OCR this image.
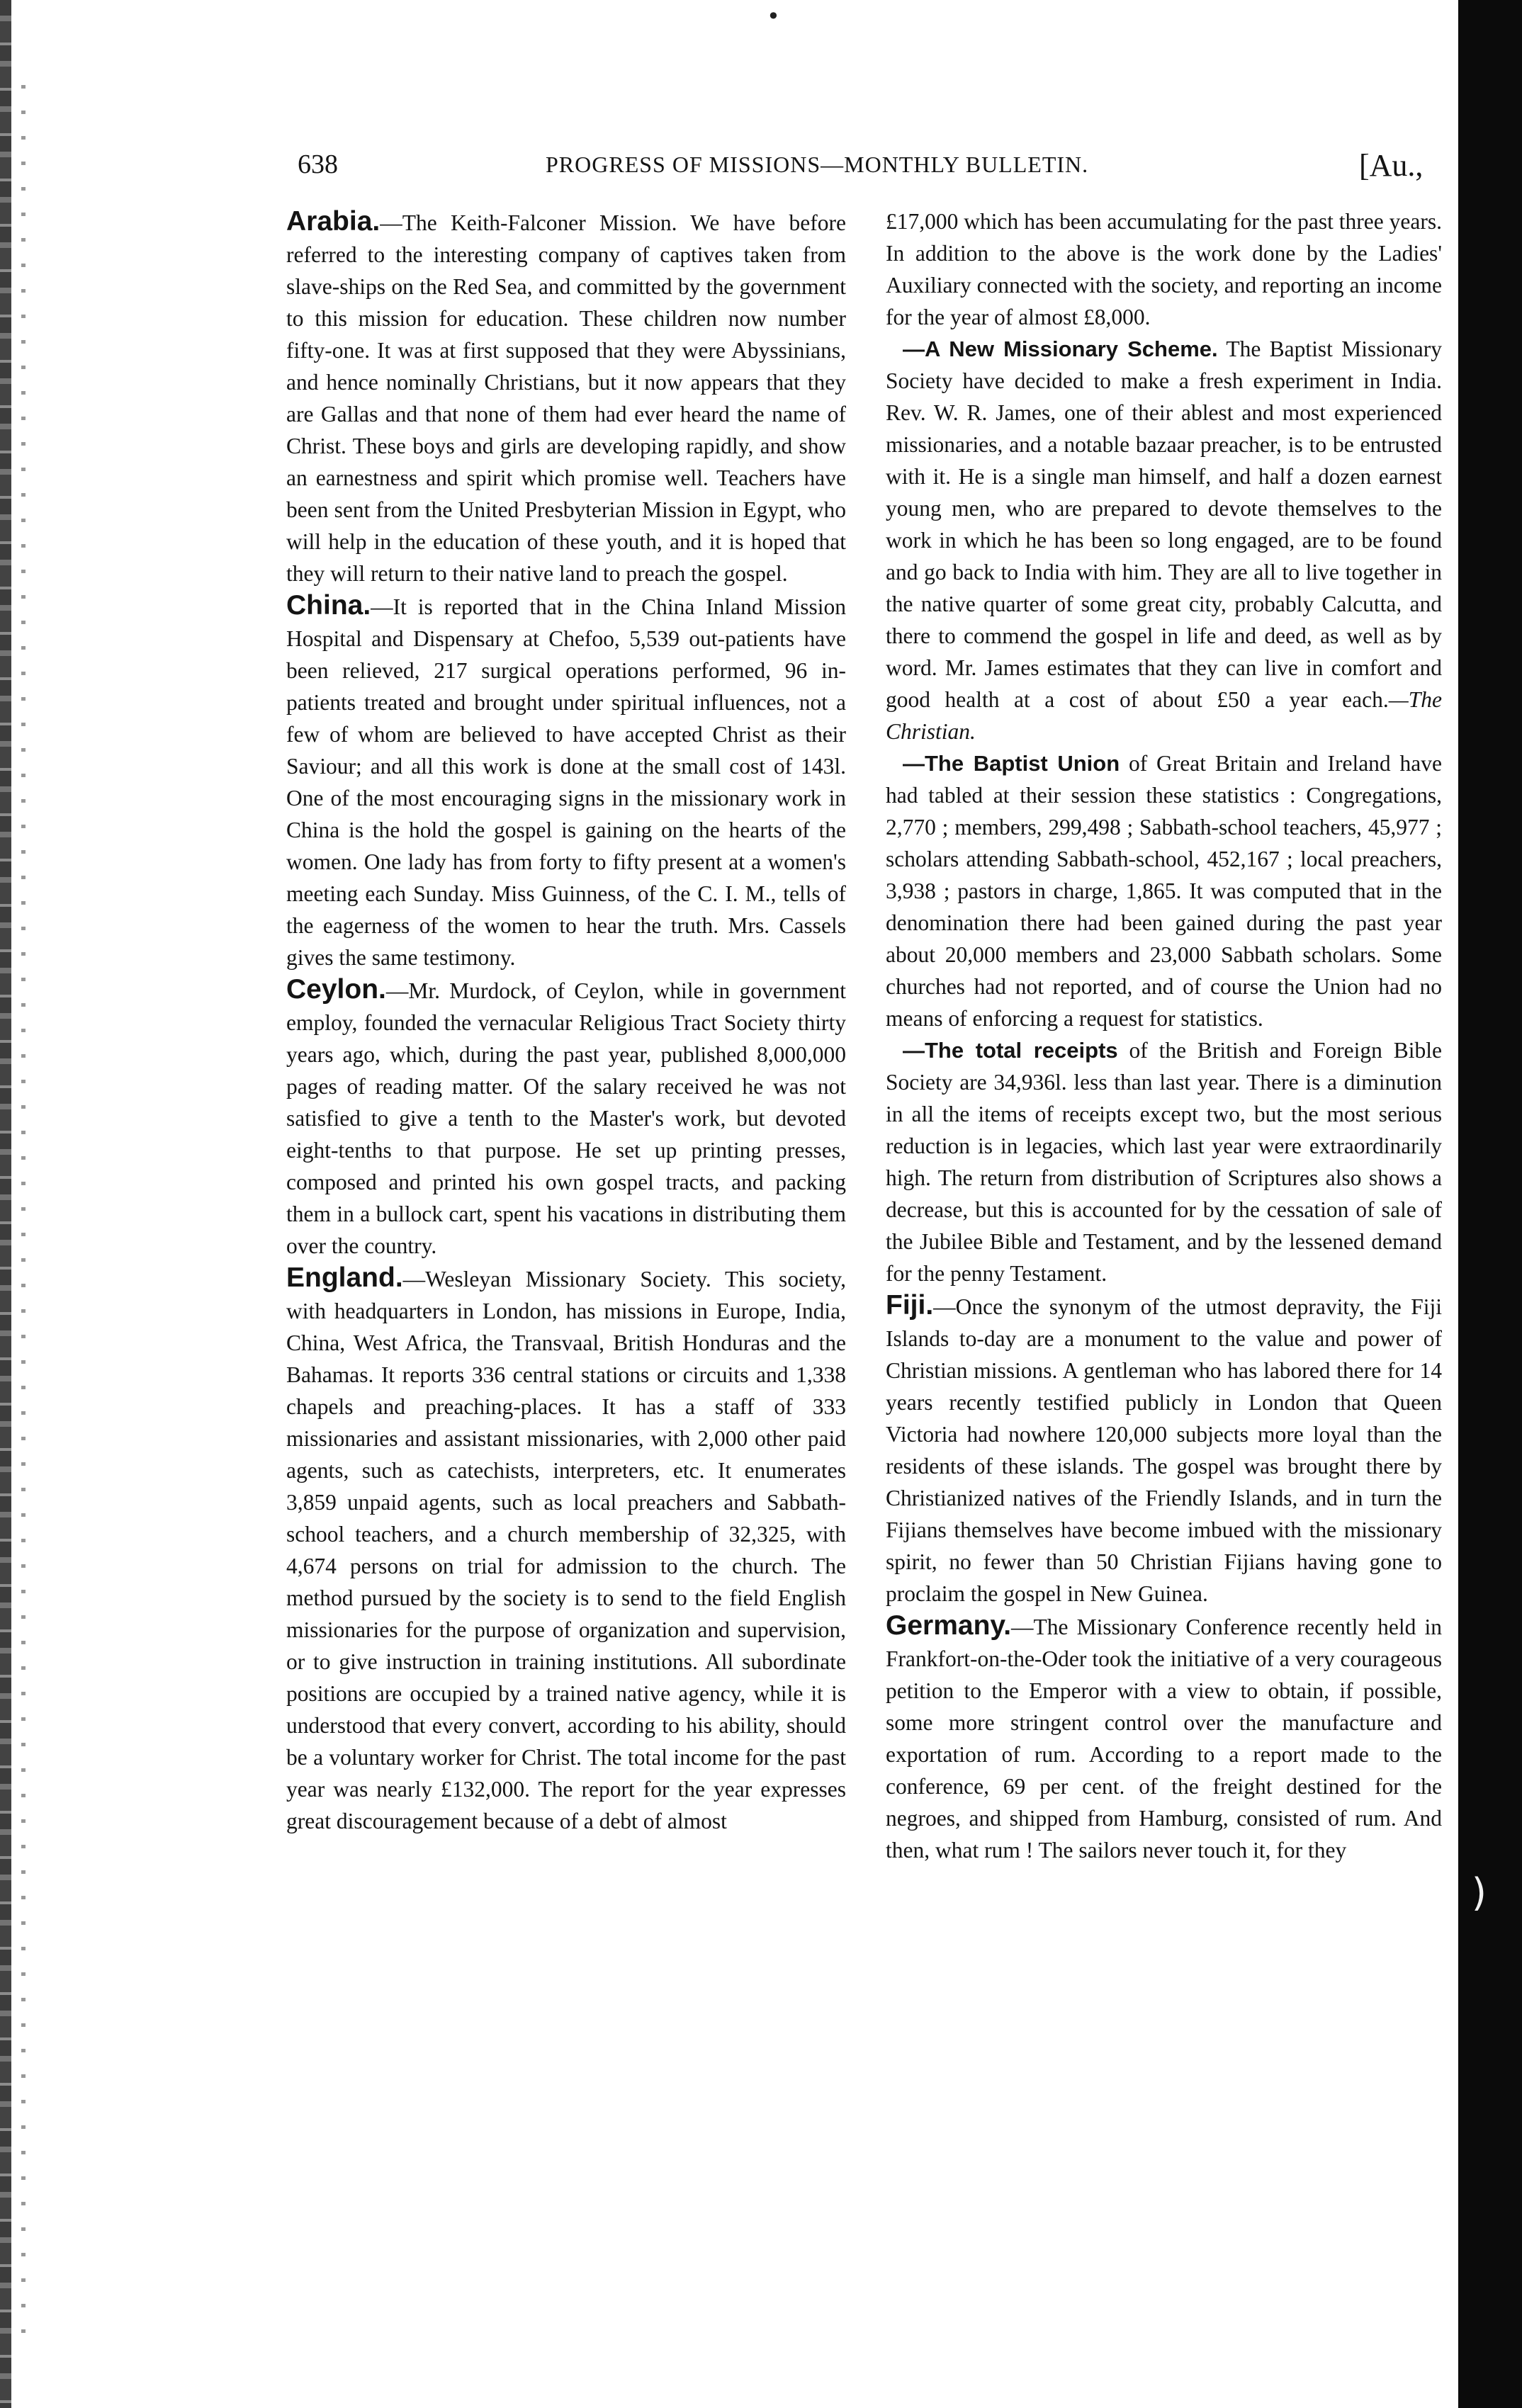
)
•
638	PROGRESS OF MISSIONS—MONTHLY BULLETIN.	[Au.,

Arabia.—The Keith-Falconer Mission. We have before referred to the interesting company of captives taken from slave-ships on the Red Sea, and committed by the government to this mission for education. These children now number fifty-one. It was at first supposed that they were Abyssinians, and hence nominally Christians, but it now appears that they are Gallas and that none of them had ever heard the name of Christ. These boys and girls are developing rapidly, and show an earnestness and spirit which promise well. Teachers have been sent from the United Presbyterian Mission in Egypt, who will help in the education of these youth, and it is hoped that they will return to their native land to preach the gospel.

China.—It is reported that in the China Inland Mission Hospital and Dispensary at Chefoo, 5,539 out-patients have been relieved, 217 surgical operations performed, 96 in-patients treated and brought under spiritual influences, not a few of whom are believed to have accepted Christ as their Saviour; and all this work is done at the small cost of 143l. One of the most encouraging signs in the missionary work in China is the hold the gospel is gaining on the hearts of the women. One lady has from forty to fifty present at a women's meeting each Sunday. Miss Guinness, of the C. I. M., tells of the eagerness of the women to hear the truth. Mrs. Cassels gives the same testimony.

Ceylon.—Mr. Murdock, of Ceylon, while in government employ, founded the vernacular Religious Tract Society thirty years ago, which, during the past year, published 8,000,000 pages of reading matter. Of the salary received he was not satisfied to give a tenth to the Master's work, but devoted eight-tenths to that purpose. He set up printing presses, composed and printed his own gospel tracts, and packing them in a bullock cart, spent his vacations in distributing them over the country.

England.—Wesleyan Missionary Society. This society, with headquarters in London, has missions in Europe, India, China, West Africa, the Transvaal, British Honduras and the Bahamas. It reports 336 central stations or circuits and 1,338 chapels and preaching-places. It has a staff of 333 missionaries and assistant missionaries, with 2,000 other paid agents, such as catechists, interpreters, etc. It enumerates 3,859 unpaid agents, such as local preachers and Sabbath-school teachers, and a church membership of 32,325, with 4,674 persons on trial for admission to the church. The method pursued by the society is to send to the field English missionaries for the purpose of organization and supervision, or to give instruction in training institutions. All subordinate positions are occupied by a trained native agency, while it is understood that every convert, according to his ability, should be a voluntary worker for Christ. The total income for the past year was nearly £132,000. The report for the year expresses great discouragement because of a debt of almost

£17,000 which has been accumulating for the past three years. In addition to the above is the work done by the Ladies' Auxiliary connected with the society, and reporting an income for the year of almost £8,000.

—A New Missionary Scheme. The Baptist Missionary Society have decided to make a fresh experiment in India. Rev. W. R. James, one of their ablest and most experienced missionaries, and a notable bazaar preacher, is to be entrusted with it. He is a single man himself, and half a dozen earnest young men, who are prepared to devote themselves to the work in which he has been so long engaged, are to be found and go back to India with him. They are all to live together in the native quarter of some great city, probably Calcutta, and there to commend the gospel in life and deed, as well as by word. Mr. James estimates that they can live in comfort and good health at a cost of about £50 a year each.—The Christian.

—The Baptist Union of Great Britain and Ireland have had tabled at their session these statistics : Congregations, 2,770 ; members, 299,498 ; Sabbath-school teachers, 45,977 ; scholars attending Sabbath-school, 452,167 ; local preachers, 3,938 ; pastors in charge, 1,865. It was computed that in the denomination there had been gained during the past year about 20,000 members and 23,000 Sabbath scholars. Some churches had not reported, and of course the Union had no means of enforcing a request for statistics.

—The total receipts of the British and Foreign Bible Society are 34,936l. less than last year. There is a diminution in all the items of receipts except two, but the most serious reduction is in legacies, which last year were extraordinarily high. The return from distribution of Scriptures also shows a decrease, but this is accounted for by the cessation of sale of the Jubilee Bible and Testament, and by the lessened demand for the penny Testament.

Fiji.—Once the synonym of the utmost depravity, the Fiji Islands to-day are a monument to the value and power of Christian missions. A gentleman who has labored there for 14 years recently testified publicly in London that Queen Victoria had nowhere 120,000 subjects more loyal than the residents of these islands. The gospel was brought there by Christianized natives of the Friendly Islands, and in turn the Fijians themselves have become imbued with the missionary spirit, no fewer than 50 Christian Fijians having gone to proclaim the gospel in New Guinea.

Germany.—The Missionary Conference recently held in Frankfort-on-the-Oder took the initiative of a very courageous petition to the Emperor with a view to obtain, if possible, some more stringent control over the manufacture and exportation of rum. According to a report made to the conference, 69 per cent. of the freight destined for the negroes, and shipped from Hamburg, consisted of rum. And then, what rum ! The sailors never touch it, for they
